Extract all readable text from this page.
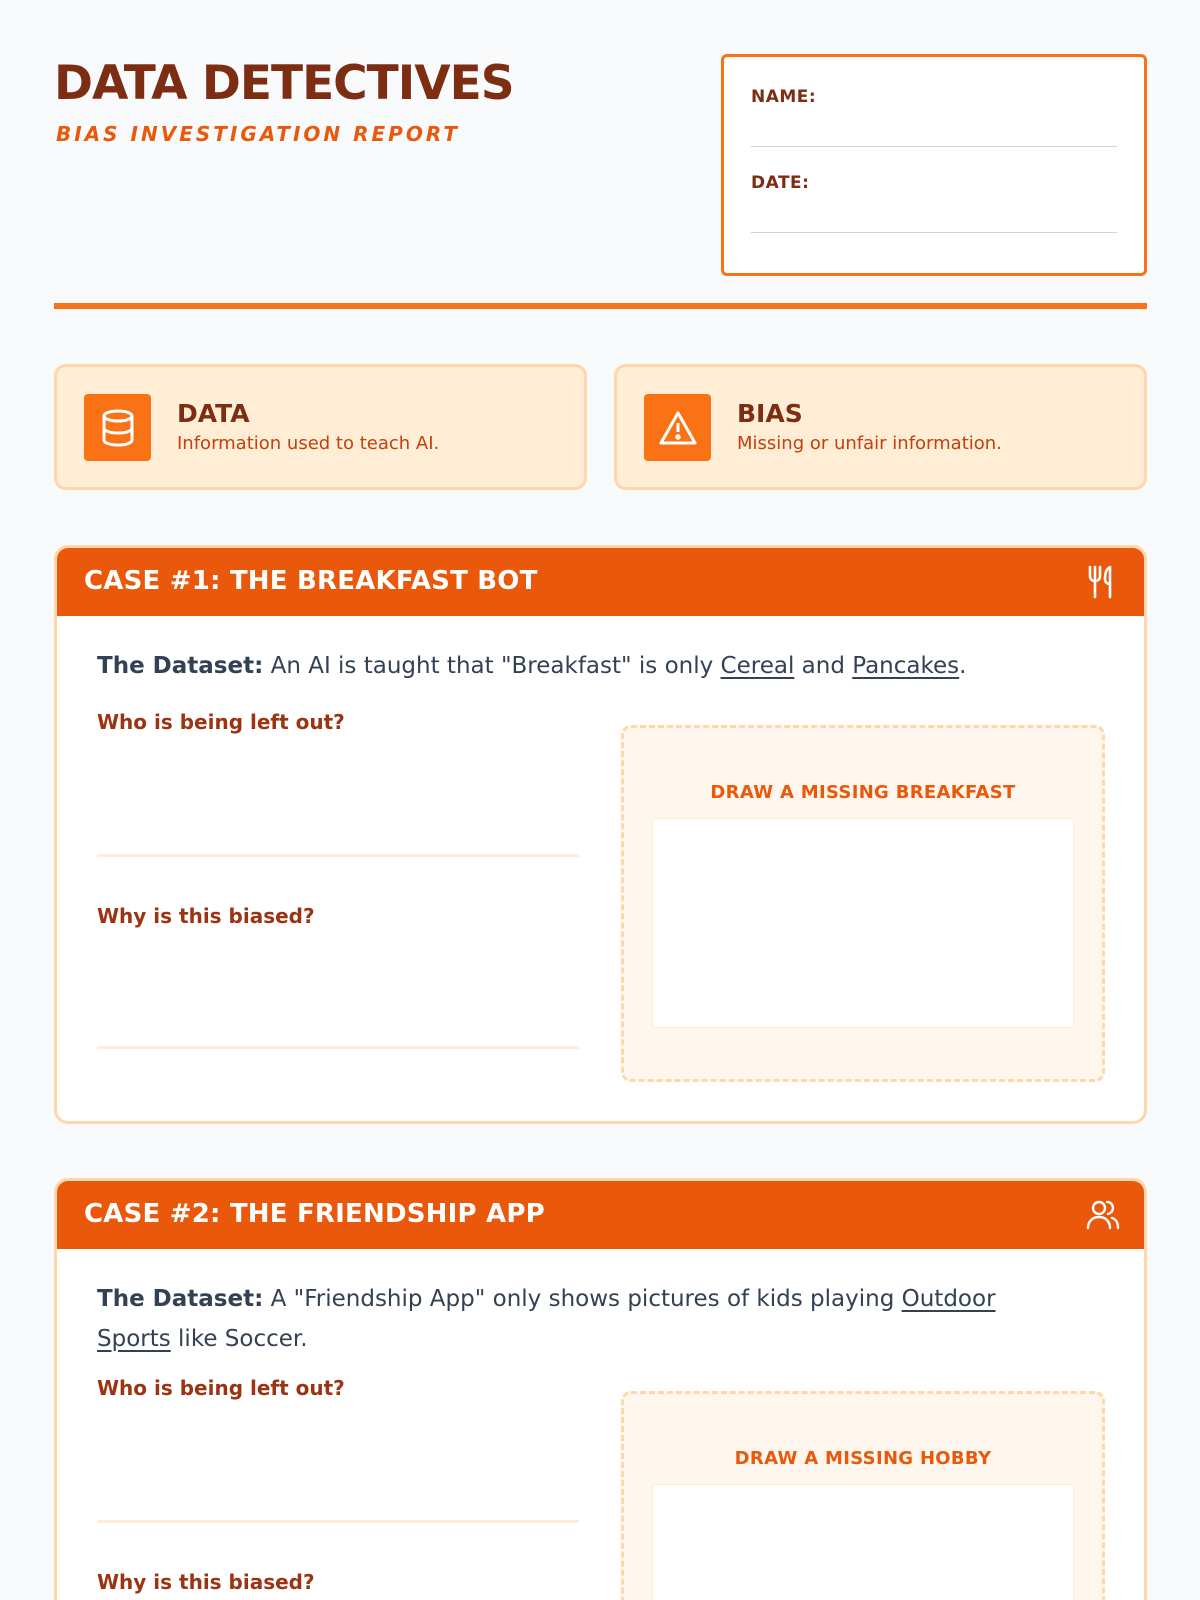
DATA DETECTIVES
BIAS INVESTIGATION REPORT
NAME:
DATE:
DATA
Information used to teach AI.
BIAS
Missing or unfair information.
CASE #1: THE BREAKFAST BOT
The Dataset: An AI is taught that "Breakfast" is only Cereal and Pancakes.
Who is being left out?
Why is this biased?
DRAW A MISSING BREAKFAST
CASE #2: THE FRIENDSHIP APP
The Dataset: A "Friendship App" only shows pictures of kids playing Outdoor Sports like Soccer.
Who is being left out?
Why is this biased?
DRAW A MISSING HOBBY
